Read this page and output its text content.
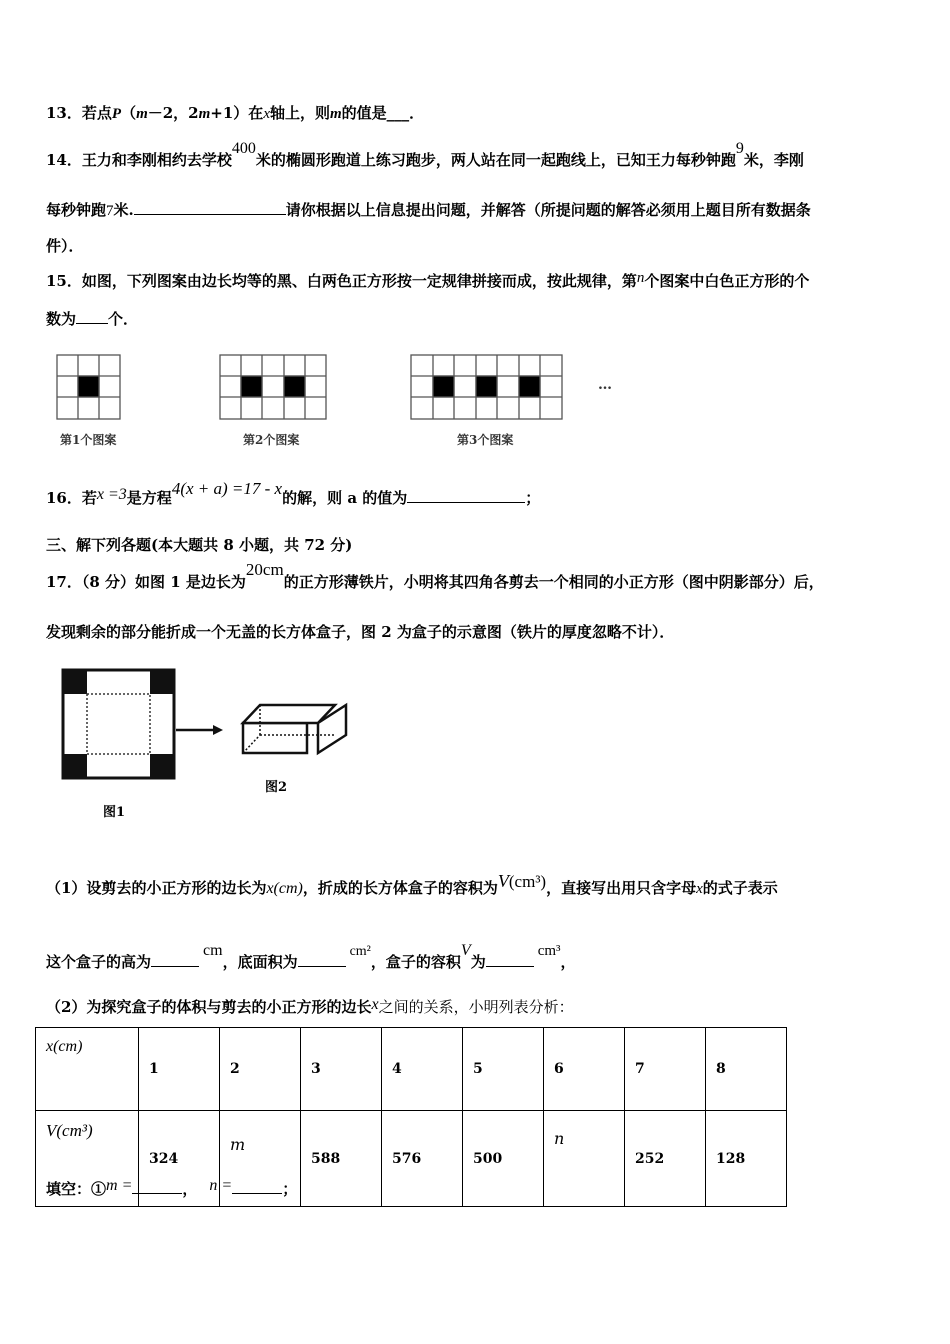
13．若点P（m－2，2m+1）在x轴上，则m的值是___．
14．王力和李刚相约去学校400米的椭圆形跑道上练习跑步，两人站在同一起跑线上，已知王力每秒钟跑9米，李刚
每秒钟跑7米.	请你根据以上信息提出问题，并解答（所提问题的解答必须用上题目所有数据条
件）．
15．如图，下列图案由边长均等的黑、白两色正方形按一定规律拼接而成，按此规律，第n个图案中白色正方形的个
数为 个．
第1个图案	第2个图案	第3个图案
…
16．若x =3是方程4(x + a) =17 - x的解，则 a 的值为	；
三、解下列各题(本大题共 8 小题，共 72 分)
17．（8 分）如图 1 是边长为20cm的正方形薄铁片，小明将其四角各剪去一个相同的小正方形（图中阴影部分）后，
发现剩余的部分能折成一个无盖的长方体盒子，图 2 为盒子的示意图（铁片的厚度忽略不计）．
图2
图1
（1）设剪去的小正方形的边长为x(cm)，折成的长方体盒子的容积为V(cm³)，直接写出用只含字母x的式子表示
这个盒子的高为cm，底面积为cm²，盒子的容积V为cm³，
（2）为探究盒子的体积与剪去的小正方形的边长x之间的关系，小明列表分析：
x(cm)	1	2	3	4	5	6	7	8
V(cm³)	324	m	588	576	500	n	252	128
填空：①m =	， n =	；
